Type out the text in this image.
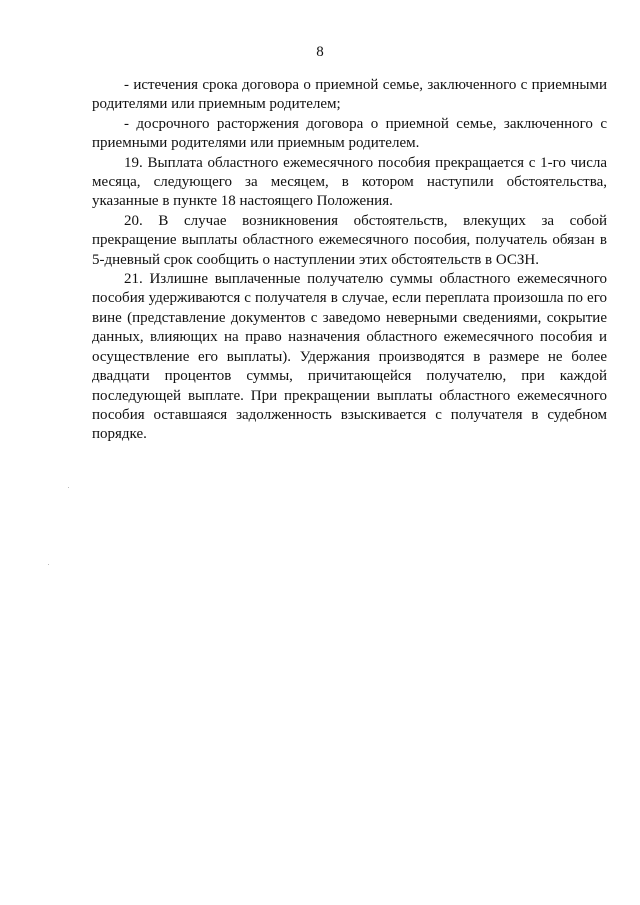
8

- истечения срока договора о приемной семье, заключенного с приемными родителями или приемным родителем;

- досрочного расторжения договора о приемной семье, заключенного с приемными родителями или приемным родителем.

19. Выплата областного ежемесячного пособия прекращается с 1-го числа месяца, следующего за месяцем, в котором наступили обстоятельства, указанные в пункте 18 настоящего Положения.

20. В случае возникновения обстоятельств, влекущих за собой прекращение выплаты областного ежемесячного пособия, получатель обязан в 5-дневный срок сообщить о наступлении этих обстоятельств в ОСЗН.

21. Излишне выплаченные получателю суммы областного ежемесячного пособия удерживаются с получателя в случае, если переплата произошла по его вине (представление документов с заведомо неверными сведениями, сокрытие данных, влияющих на право назначения областного ежемесячного пособия и осуществление его выплаты). Удержания производятся в размере не более двадцати процентов суммы, причитающейся получателю, при каждой последующей выплате. При прекращении выплаты областного ежемесячного пособия оставшаяся задолженность взыскивается с получателя в судебном порядке.
